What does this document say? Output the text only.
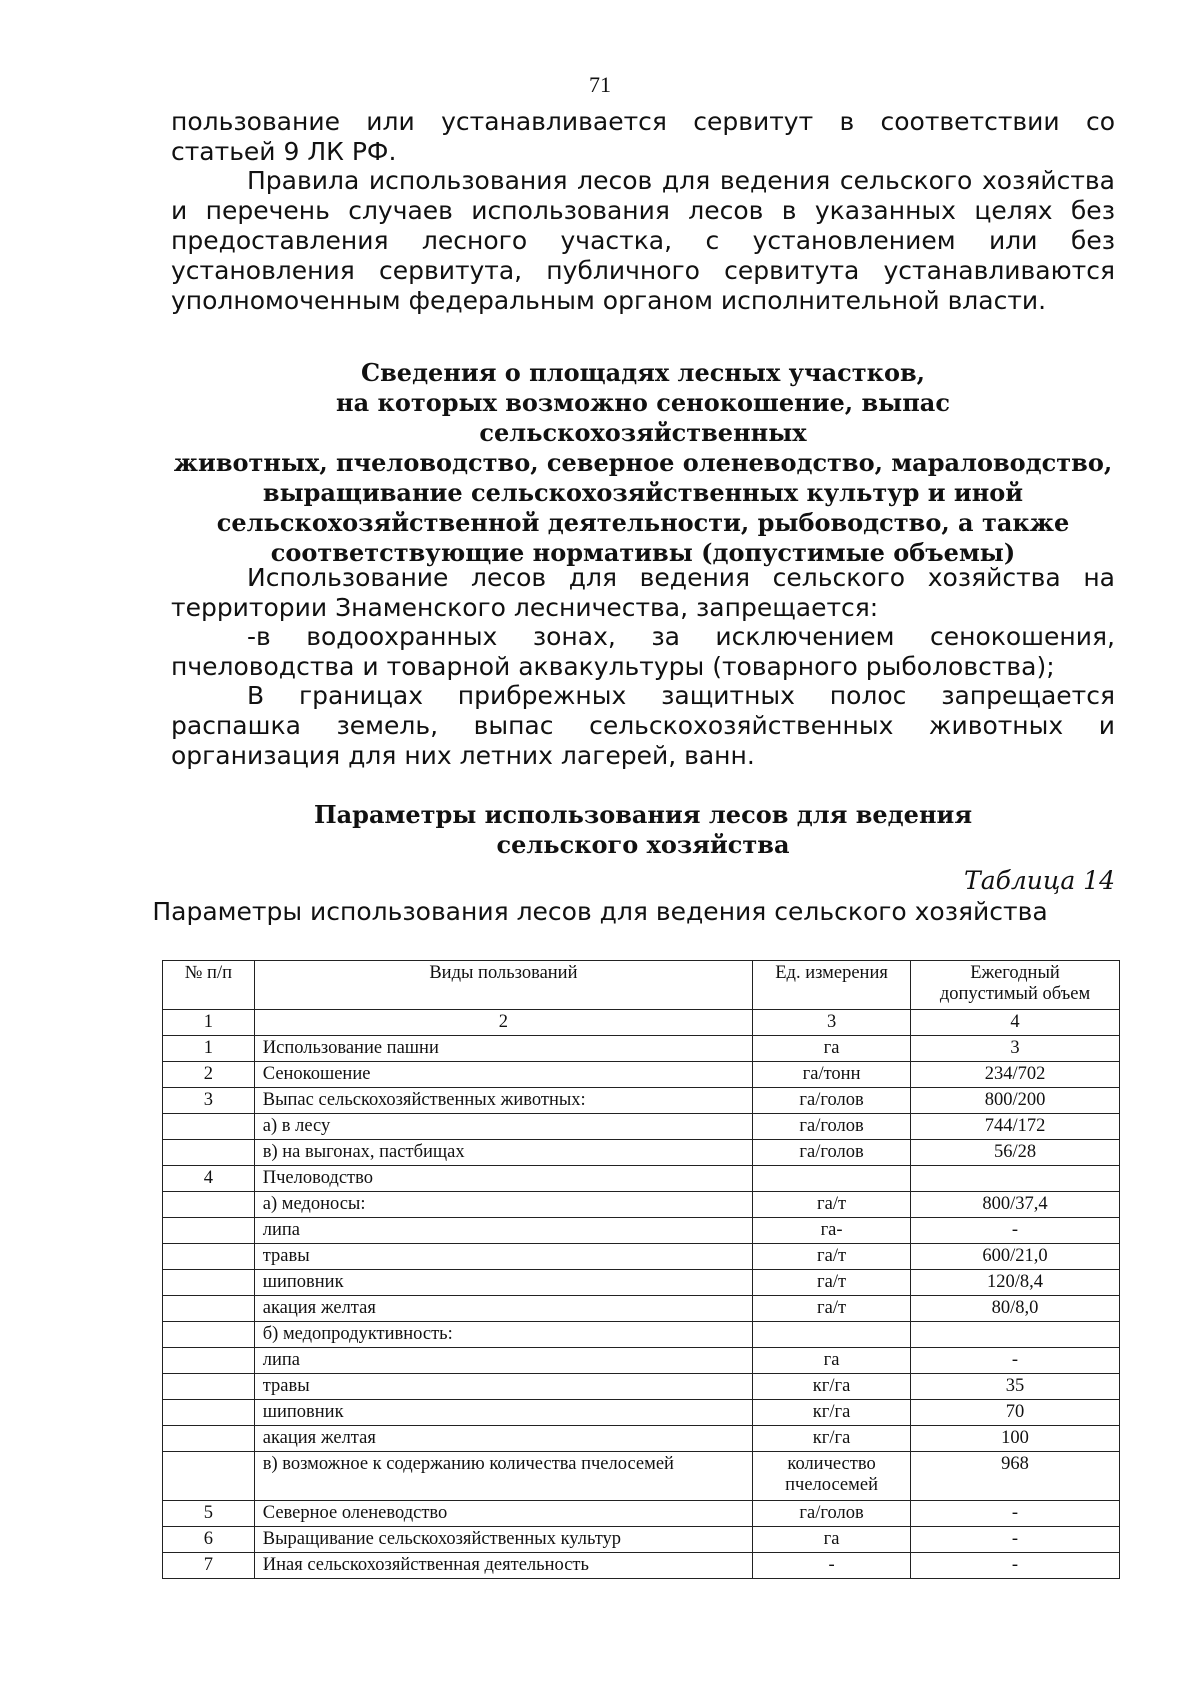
71

пользование или устанавливается сервитут в соответствии со статьей 9 ЛК РФ.

Правила использования лесов для ведения сельского хозяйства и перечень случаев использования лесов в указанных целях без предоставления лесного участка, с установлением или без установления сервитута, публичного сервитута устанавливаются уполномоченным федеральным органом исполнительной власти.

Сведения о площадях лесных участков,
на которых возможно сенокошение, выпас сельскохозяйственных
животных, пчеловодство, северное оленеводство, мараловодство,
выращивание сельскохозяйственных культур и иной
сельскохозяйственной деятельности, рыбоводство, а также
соответствующие нормативы (допустимые объемы)

Использование лесов для ведения сельского хозяйства на территории Знаменского лесничества, запрещается:

-в водоохранных зонах, за исключением сенокошения, пчеловодства и товарной аквакультуры (товарного рыболовства);

В границах прибрежных защитных полос запрещается распашка земель, выпас сельскохозяйственных животных и организация для них летних лагерей, ванн.

Параметры использования лесов для ведения
сельского хозяйства
Таблица 14
Параметры использования лесов для ведения сельского хозяйства
№ п/п	Виды пользований	Ед. измерения	Ежегодный допустимый объем
1	2	3	4
1	Использование пашни	га	3
2	Сенокошение	га/тонн	234/702
3	Выпас сельскохозяйственных животных:	га/голов	800/200
	а) в лесу	га/голов	744/172
	в) на выгонах, пастбищах	га/голов	56/28
4	Пчеловодство		
	а) медоносы:	га/т	800/37,4
	липа	га-	-
	травы	га/т	600/21,0
	шиповник	га/т	120/8,4
	акация желтая	га/т	80/8,0
	б) медопродуктивность:		
	липа	га	-
	травы	кг/га	35
	шиповник	кг/га	70
	акация желтая	кг/га	100
	в) возможное к содержанию количества пчелосемей	количество пчелосемей	968
5	Северное оленеводство	га/голов	-
6	Выращивание сельскохозяйственных культур	га	-
7	Иная сельскохозяйственная деятельность	-	-
